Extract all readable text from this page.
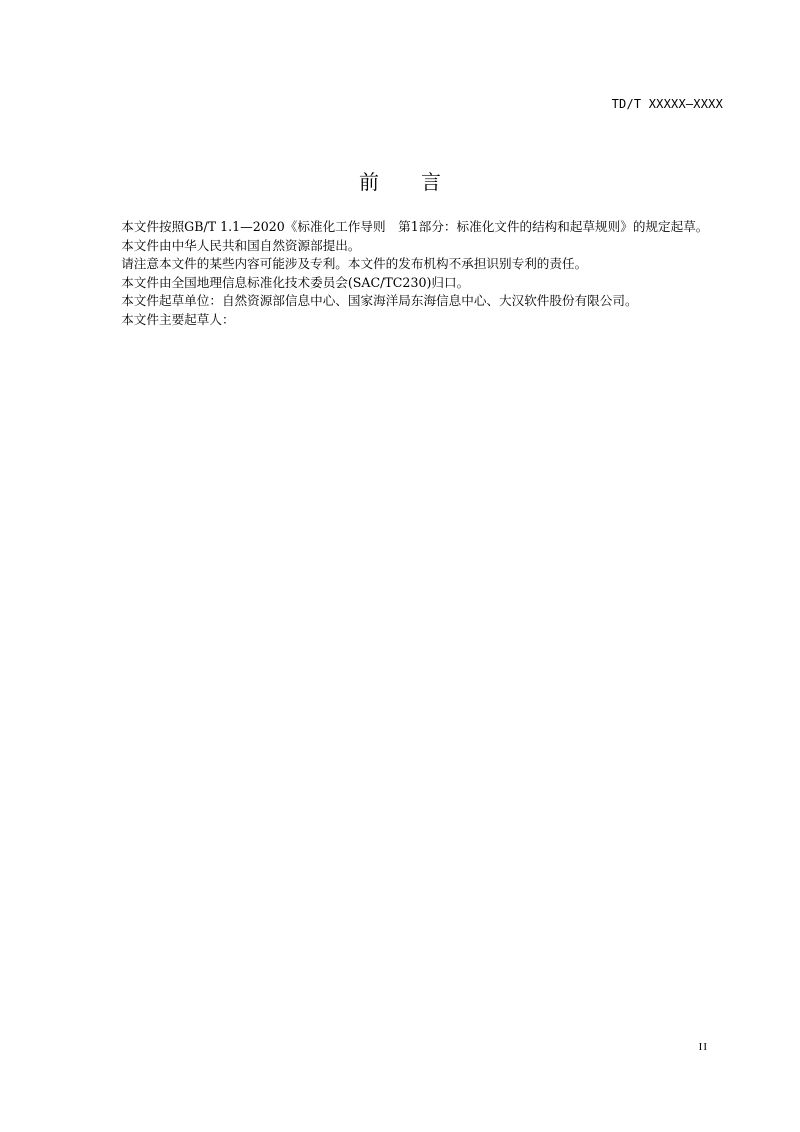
TD/T XXXXX—XXXX
前言

本文件按照GB/T 1.1—2020《标准化工作导则　第1部分：标准化文件的结构和起草规则》的规定起草。

本文件由中华人民共和国自然资源部提出。

请注意本文件的某些内容可能涉及专利。本文件的发布机构不承担识别专利的责任。

本文件由全国地理信息标准化技术委员会(SAC/TC230)归口。

本文件起草单位：自然资源部信息中心、国家海洋局东海信息中心、大汉软件股份有限公司。

本文件主要起草人：

II
